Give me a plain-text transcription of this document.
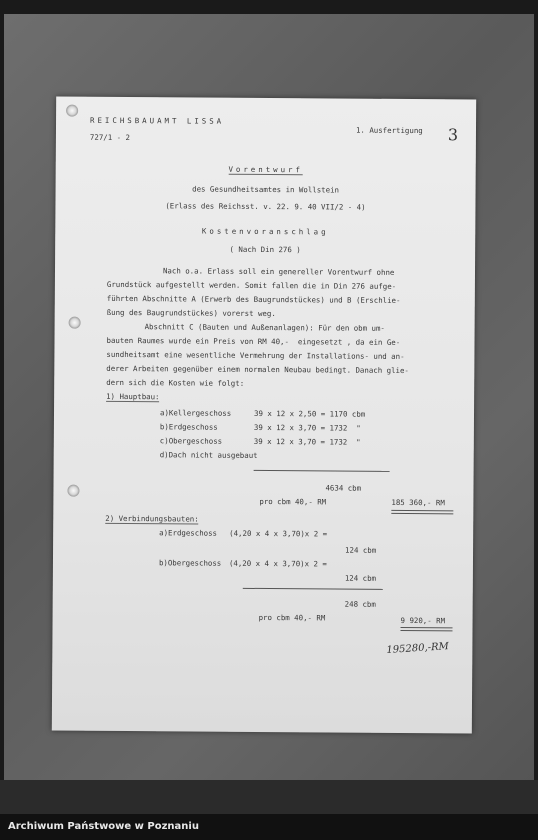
REICHSBAUAMT LISSA
727/1 - 2
1. Ausfertigung 3
Vorentwurf
des Gesundheitsamtes in Wollstein
(Erlass des Reichsst. v. 22. 9. 40 VII/2 - 4)
Kostenvoranschlag
( Nach Din 276 )
Nach o.a. Erlass soll ein genereller Vorentwurf ohne
Grundstück aufgestellt werden. Somit fallen die in Din 276 aufge-
führten Abschnitte A (Erwerb des Baugrundstückes) und B (Erschlie-
ßung des Baugrundstückes) vorerst weg.
Abschnitt C (Bauten und Außenanlagen): Für den obm um-
bauten Raumes wurde ein Preis von RM 40,-  eingesetzt , da ein Ge-
sundheitsamt eine wesentliche Vermehrung der Installations- und an-
derer Arbeiten gegenüber einem normalen Neubau bedingt. Danach glie-
dern sich die Kosten wie folgt:
1) Hauptbau:
a)Kellergeschoss	39 x 12 x 2,50 = 1170 cbm
b)Erdgeschoss	39 x 12 x 3,70 = 1732  "
c)Obergeschoss	39 x 12 x 3,70 = 1732  "
d)Dach nicht ausgebaut
4634 cbm
pro cbm 40,- RM	185 360,- RM
2) Verbindungsbauten:
a)Erdgeschoss (4,20 x 4 x 3,70)x 2 =
124 cbm
b)Obergeschoss (4,20 x 4 x 3,70)x 2 =
124 cbm
248 cbm
pro cbm 40,- RM	9 920,- RM
195280,-RM
Archiwum Państwowe w Poznaniu
